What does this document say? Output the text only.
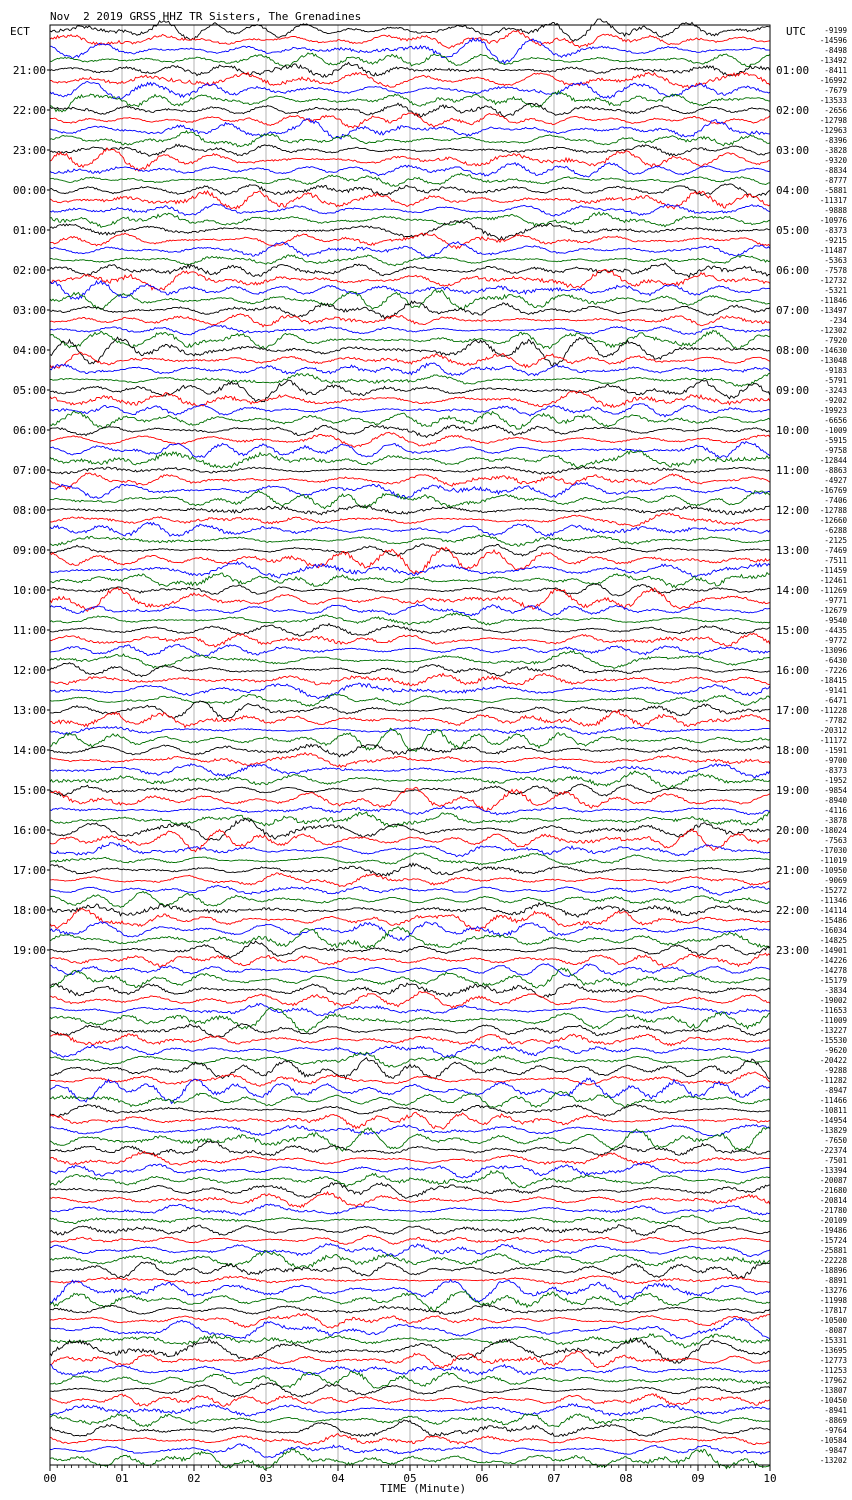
Nov  2 2019 GRSS HHZ TR Sisters, The Grenadines
ECT	UTC
TIME (Minute)
00	01	02	03	04	05	06	07	08	09	10
21:00
22:00
23:00
00:00
01:00
02:00
03:00
04:00
05:00
06:00
07:00
08:00
09:00
10:00
11:00
12:00
13:00
14:00
15:00
16:00
17:00
18:00
19:00
01:00
02:00
03:00
04:00
05:00
06:00
07:00
08:00
09:00
10:00
11:00
12:00
13:00
14:00
15:00
16:00
17:00
18:00
19:00
20:00
21:00
22:00
23:00
-9199
-14596
-8498
-13492
-8411
-16992
-7679
-13533
-2656
-12798
-12963
-8396
-3828
-9320
-8834
-8777
-5881
-11317
-9888
-10976
-8373
-9215
-11487
-5363
-7578
-12732
-5321
-11846
-13497
-234
-12302
-7920
-14630
-13048
-9183
-5791
-3243
-9202
-19923
-6656
-1009
-5915
-9758
-12844
-8863
-4927
-16769
-7406
-12788
-12660
-6288
-2125
-7469
-7511
-11459
-12461
-11269
-9771
-12679
-9540
-4435
-9772
-13096
-6430
-7226
-18415
-9141
-6471
-11228
-7782
-20312
-11172
-1591
-9700
-8373
-1952
-9854
-8940
-4116
-3878
-18024
-7563
-17030
-11019
-10950
-9069
-15272
-11346
-14114
-15486
-16034
-14825
-14901
-14226
-14278
-15179
-3834
-19002
-11653
-11009
-13227
-15530
-9620
-20422
-9288
-11282
-8947
-11466
-10811
-14954
-13829
-7650
-22374
-7501
-13394
-20087
-21680
-20814
-21780
-20109
-19486
-15724
-25881
-22228
-18896
-8891
-13276
-11998
-17817
-10500
-8087
-15331
-13695
-12773
-11253
-17962
-13807
-10450
-8941
-8869
-9764
-10584
-9847
-13202
